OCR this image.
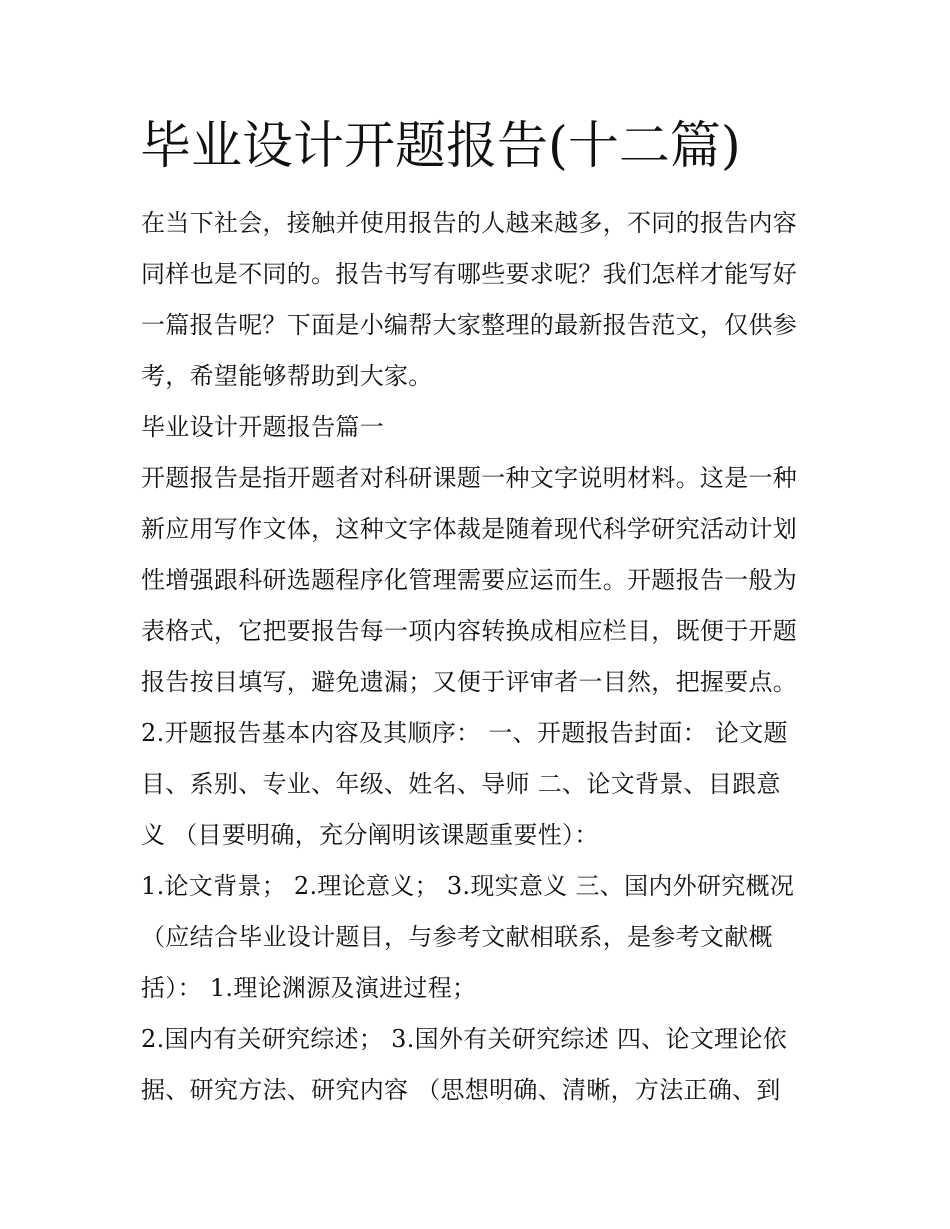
毕业设计开题报告(十二篇)
在当下社会，接触并使用报告的人越来越多，不同的报告内容
同样也是不同的。报告书写有哪些要求呢？我们怎样才能写好
一篇报告呢？下面是小编帮大家整理的最新报告范文，仅供参
考，希望能够帮助到大家。
毕业设计开题报告篇一
开题报告是指开题者对科研课题一种文字说明材料。这是一种
新应用写作文体，这种文字体裁是随着现代科学研究活动计划
性增强跟科研选题程序化管理需要应运而生。开题报告一般为
表格式，它把要报告每一项内容转换成相应栏目，既便于开题
报告按目填写，避免遗漏；又便于评审者一目然，把握要点。
2.开题报告基本内容及其顺序： 一、开题报告封面： 论文题
目、系别、专业、年级、姓名、导师 二、论文背景、目跟意
义 （目要明确，充分阐明该课题重要性）：
1.论文背景； 2.理论意义； 3.现实意义 三、国内外研究概况
（应结合毕业设计题目，与参考文献相联系，是参考文献概
括）： 1.理论渊源及演进过程；
2.国内有关研究综述； 3.国外有关研究综述 四、论文理论依
据、研究方法、研究内容 （思想明确、清晰，方法正确、到
